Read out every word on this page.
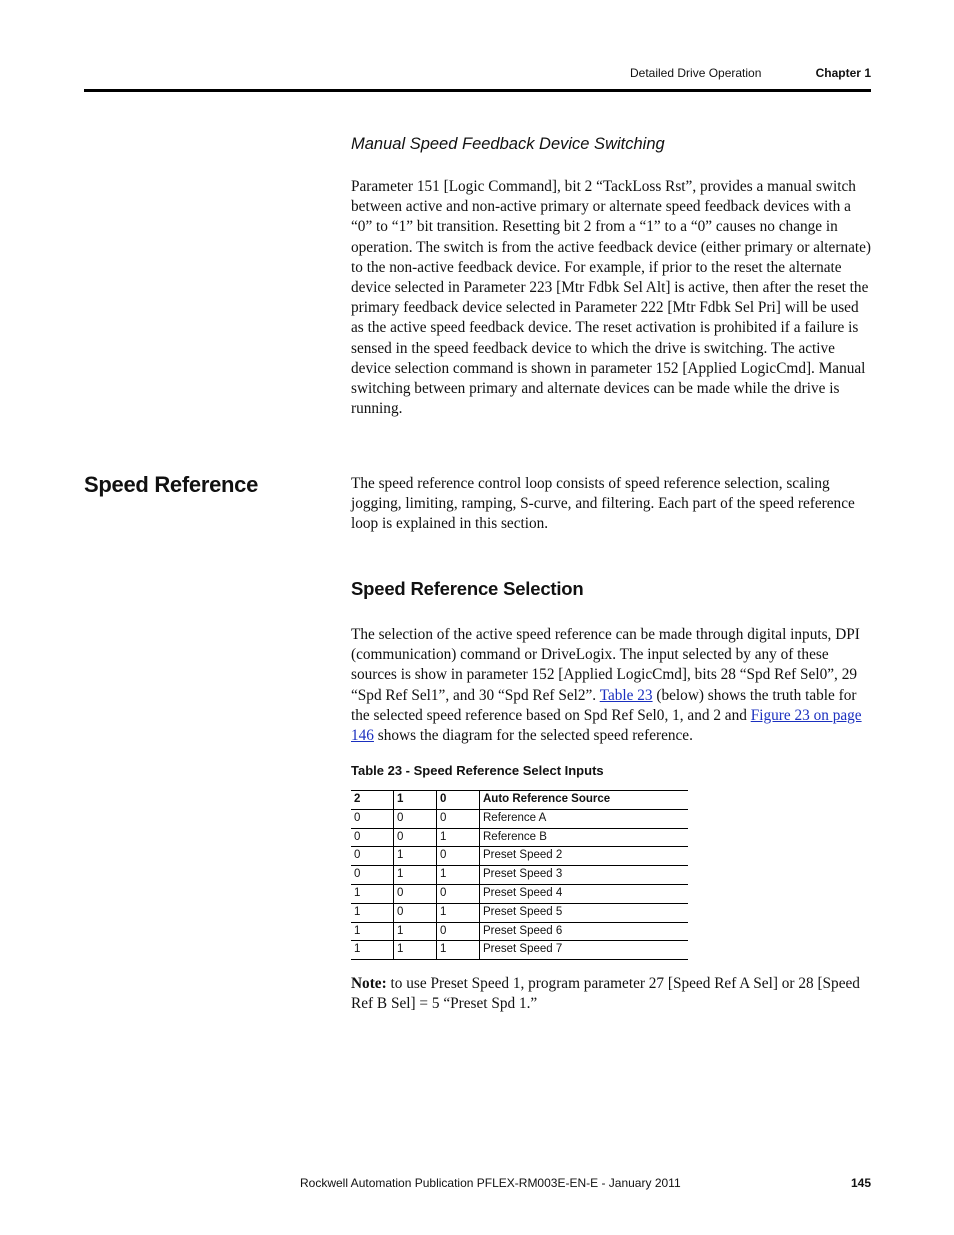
Detailed Drive Operation	Chapter 1
Manual Speed Feedback Device Switching

Parameter 151 [Logic Command], bit 2 “TackLoss Rst”, provides a manual switch between active and non-active primary or alternate speed feedback devices with a “0” to “1” bit transition. Resetting bit 2 from a “1” to a “0” causes no change in operation. The switch is from the active feedback device (either primary or alternate) to the non-active feedback device. For example, if prior to the reset the alternate device selected in Parameter 223 [Mtr Fdbk Sel Alt] is active, then after the reset the primary feedback device selected in Parameter 222 [Mtr Fdbk Sel Pri] will be used as the active speed feedback device. The reset activation is prohibited if a failure is sensed in the speed feedback device to which the drive is switching. The active device selection command is shown in parameter 152 [Applied LogicCmd]. Manual switching between primary and alternate devices can be made while the drive is running.

Speed Reference	The speed reference control loop consists of speed reference selection, scaling jogging, limiting, ramping, S-curve, and filtering. Each part of the speed reference loop is explained in this section.

Speed Reference Selection

The selection of the active speed reference can be made through digital inputs, DPI (communication) command or DriveLogix. The input selected by any of these sources is show in parameter 152 [Applied LogicCmd], bits 28 “Spd Ref Sel0”, 29 “Spd Ref Sel1”, and 30 “Spd Ref Sel2”. Table 23 (below) shows the truth table for the selected speed reference based on Spd Ref Sel0, 1, and 2 and Figure 23 on page 146 shows the diagram for the selected speed reference.

Table 23 - Speed Reference Select Inputs
2	1	0	Auto Reference Source
0	0	0	Reference A
0	0	1	Reference B
0	1	0	Preset Speed 2
0	1	1	Preset Speed 3
1	0	0	Preset Speed 4
1	0	1	Preset Speed 5
1	1	0	Preset Speed 6
1	1	1	Preset Speed 7

Note: to use Preset Speed 1, program parameter 27 [Speed Ref A Sel] or 28 [Speed Ref B Sel] = 5 “Preset Spd 1.”

Rockwell Automation Publication PFLEX-RM003E-EN-E - January 2011	145
